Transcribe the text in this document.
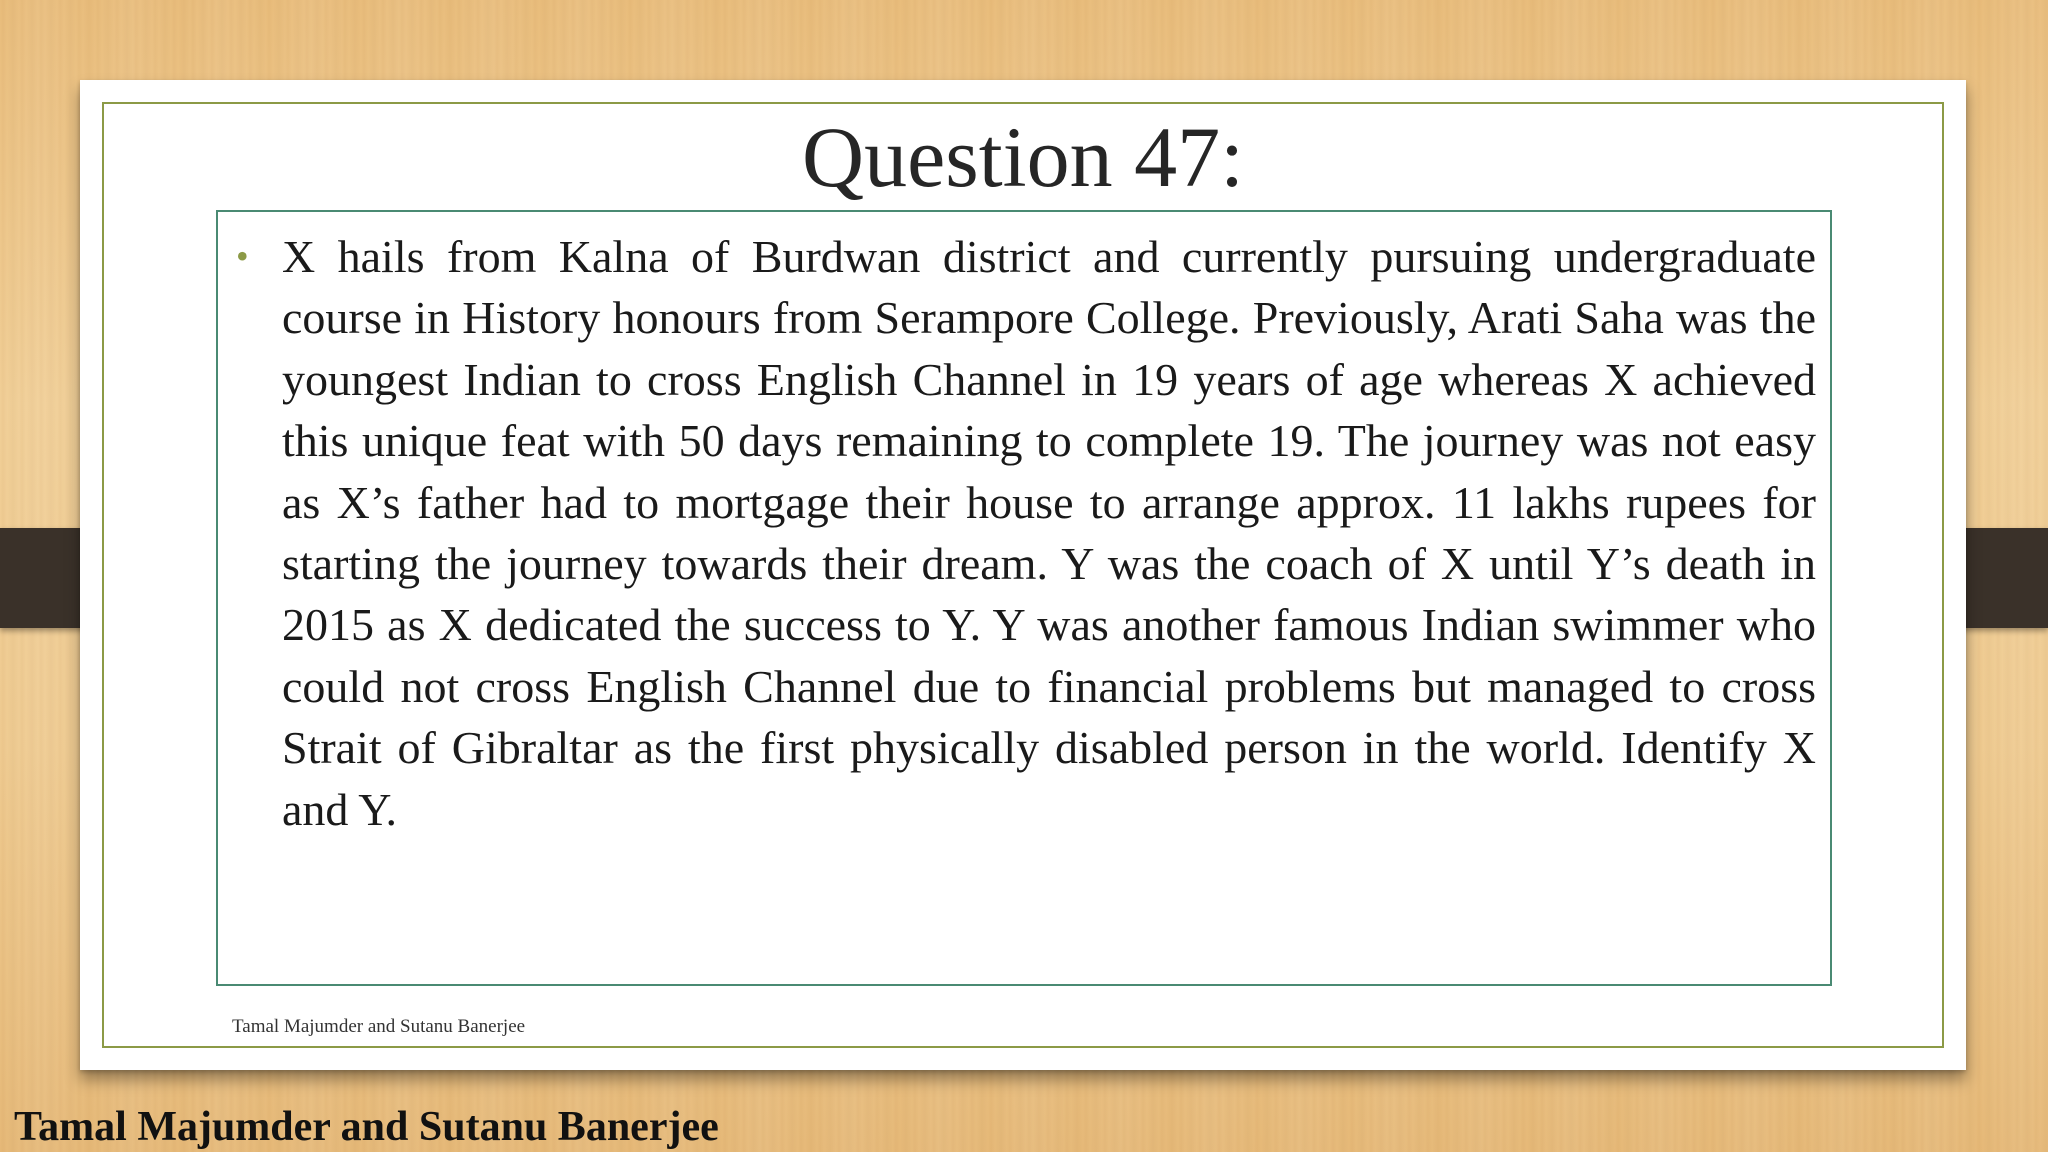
Question 47:
• X hails from Kalna of Burdwan district and currently pursuing undergraduate course in History honours from Serampore College. Previously, Arati Saha was the youngest Indian to cross English Channel in 19 years of age whereas X achieved this unique feat with 50 days remaining to complete 19. The journey was not easy as X’s father had to mortgage their house to arrange approx. 11 lakhs rupees for starting the journey towards their dream. Y was the coach of X until Y’s death in 2015 as X dedicated the success to Y. Y was another famous Indian swimmer who could not cross English Channel due to financial problems but managed to cross Strait of Gibraltar as the first physically disabled person in the world. Identify X and Y.

Tamal Majumder and Sutanu Banerjee
Tamal Majumder and Sutanu Banerjee
